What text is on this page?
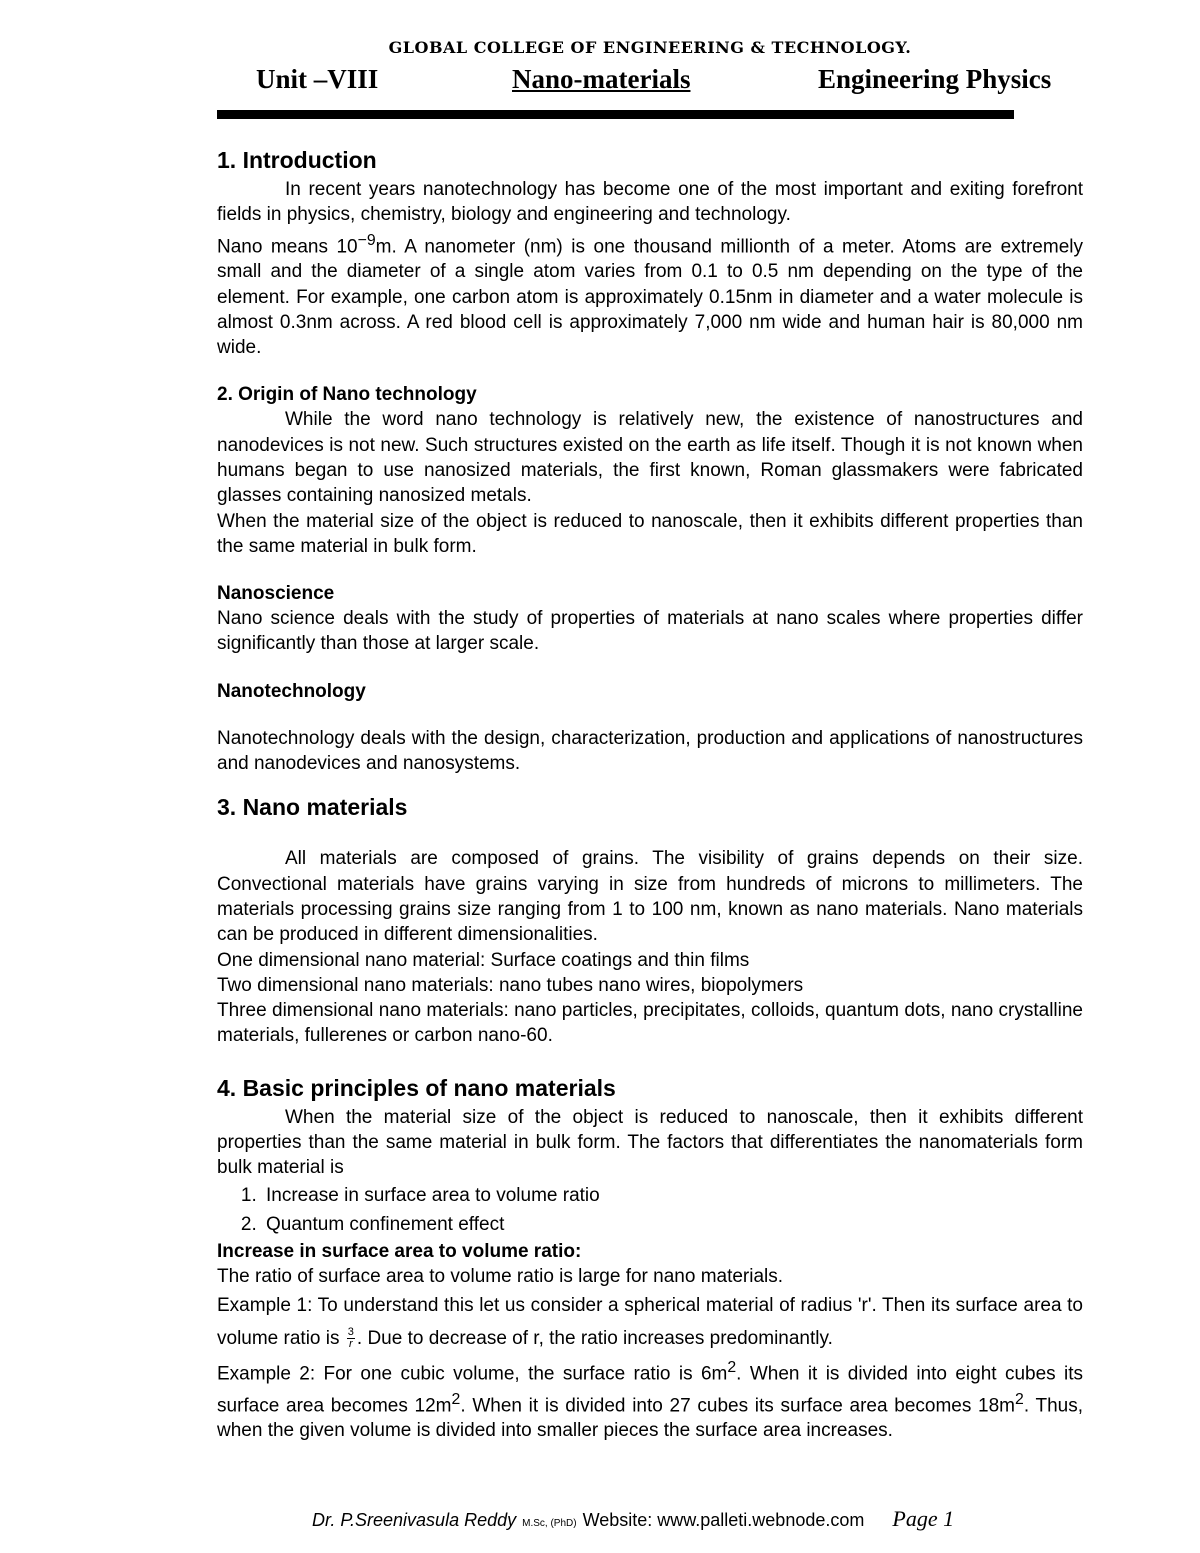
GLOBAL COLLEGE OF ENGINEERING & TECHNOLOGY.
Unit –VIII	Nano-materials	Engineering Physics
1. Introduction

In recent years nanotechnology has become one of the most important and exiting forefront fields in physics, chemistry, biology and engineering and technology.

Nano means $10^{-9}m$. A nanometer (nm) is one thousand millionth of a meter. Atoms are extremely small and the diameter of a single atom varies from 0.1 to 0.5 nm depending on the type of the element. For example, one carbon atom is approximately 0.15nm in diameter and a water molecule is almost 0.3nm across. A red blood cell is approximately 7,000 nm wide and human hair is 80,000 nm wide.

2. Origin of Nano technology

While the word nano technology is relatively new, the existence of nanostructures and nanodevices is not new. Such structures existed on the earth as life itself. Though it is not known when humans began to use nanosized materials, the first known, Roman glassmakers were fabricated glasses containing nanosized metals.

When the material size of the object is reduced to nanoscale, then it exhibits different properties than the same material in bulk form.

Nanoscience

Nano science deals with the study of properties of materials at nano scales where properties differ significantly than those at larger scale.

Nanotechnology

Nanotechnology deals with the design, characterization, production and applications of nanostructures and nanodevices and nanosystems.

3. Nano materials

All materials are composed of grains. The visibility of grains depends on their size. Convectional materials have grains varying in size from hundreds of microns to millimeters. The materials processing grains size ranging from 1 to 100 nm, known as nano materials. Nano materials can be produced in different dimensionalities.

One dimensional nano material: Surface coatings and thin films

Two dimensional nano materials: nano tubes nano wires, biopolymers

Three dimensional nano materials: nano particles, precipitates, colloids, quantum dots, nano crystalline materials, fullerenes or carbon nano-60.

4. Basic principles of nano materials

When the material size of the object is reduced to nanoscale, then it exhibits different properties than the same material in bulk form. The factors that differentiates the nanomaterials form bulk material is

1. Increase in surface area to volume ratio
2. Quantum confinement effect
Increase in surface area to volume ratio:

The ratio of surface area to volume ratio is large for nano materials.

Example 1: To understand this let us consider a spherical material of radius 'r'. Then its surface area to volume ratio is $\frac{3}{r}$ . Due to decrease of r, the ratio increases predominantly.

Example 2: For one cubic volume, the surface ratio is $6m^2$. When it is divided into eight cubes its surface area becomes $12m^2$. When it is divided into 27 cubes its surface area becomes $18m^2$. Thus, when the given volume is divided into smaller pieces the surface area increases.

Dr. P.Sreenivasula Reddy M.Sc, (PhD) Website: www.palleti.webnode.com Page 1
